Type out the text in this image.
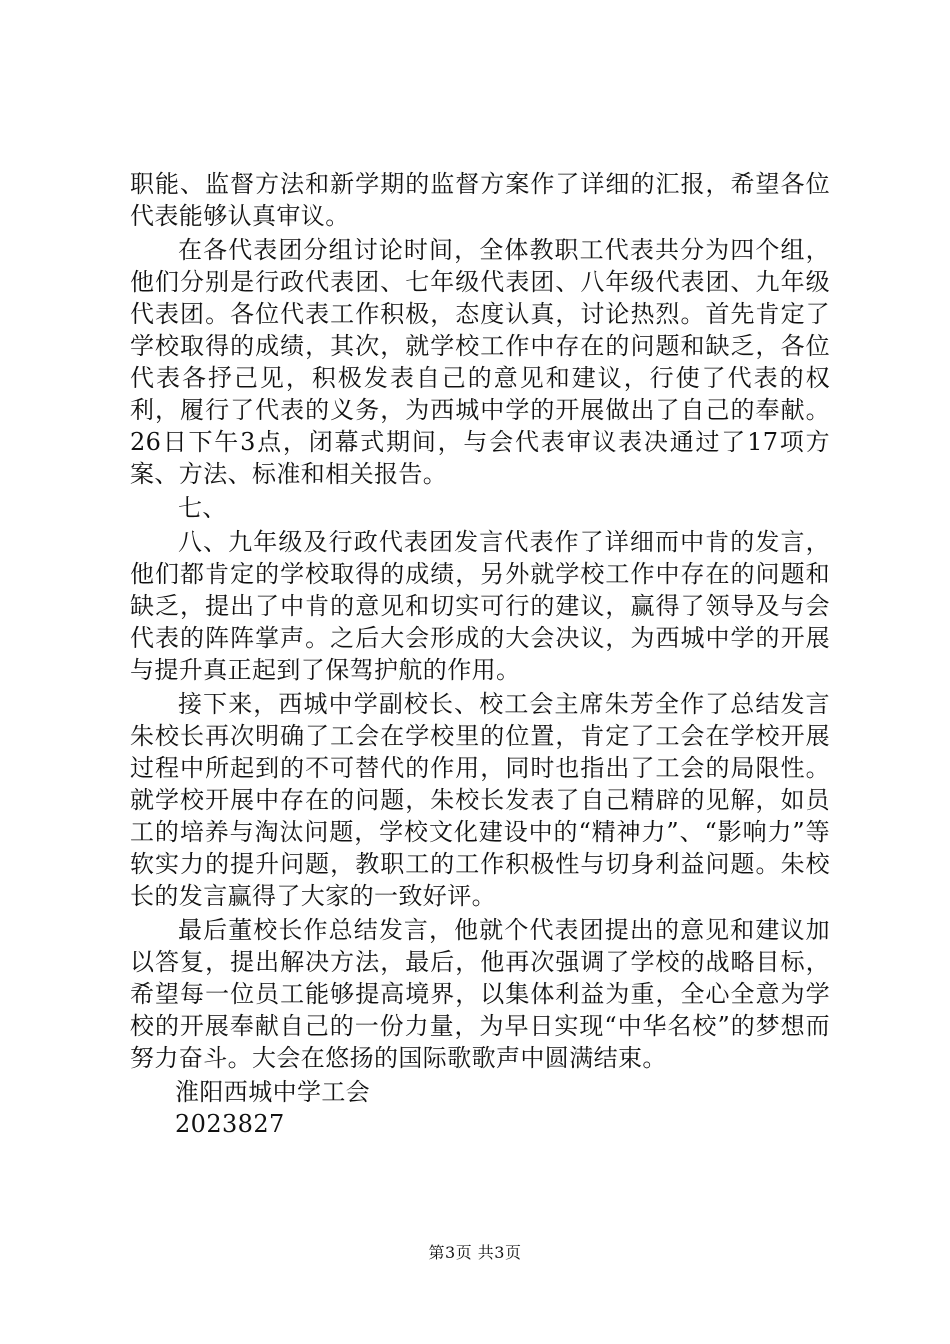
职能、监督方法和新学期的监督方案作了详细的汇报，希望各位代表能够认真审议。

在各代表团分组讨论时间，全体教职工代表共分为四个组，他们分别是行政代表团、七年级代表团、八年级代表团、九年级代表团。各位代表工作积极，态度认真，讨论热烈。首先肯定了学校取得的成绩，其次，就学校工作中存在的问题和缺乏，各位代表各抒己见，积极发表自己的意见和建议，行使了代表的权利，履行了代表的义务，为西城中学的开展做出了自己的奉献。26日下午3点，闭幕式期间，与会代表审议表决通过了17项方案、方法、标准和相关报告。

七、

八、九年级及行政代表团发言代表作了详细而中肯的发言，他们都肯定的学校取得的成绩，另外就学校工作中存在的问题和缺乏，提出了中肯的意见和切实可行的建议，赢得了领导及与会代表的阵阵掌声。之后大会形成的大会决议，为西城中学的开展与提升真正起到了保驾护航的作用。

接下来，西城中学副校长、校工会主席朱芳全作了总结发言朱校长再次明确了工会在学校里的位置，肯定了工会在学校开展过程中所起到的不可替代的作用，同时也指出了工会的局限性。就学校开展中存在的问题，朱校长发表了自己精辟的见解，如员工的培养与淘汰问题，学校文化建设中的“精神力”、“影响力”等软实力的提升问题，教职工的工作积极性与切身利益问题。朱校长的发言赢得了大家的一致好评。

最后董校长作总结发言，他就个代表团提出的意见和建议加以答复，提出解决方法，最后，他再次强调了学校的战略目标，希望每一位员工能够提高境界，以集体利益为重，全心全意为学校的开展奉献自己的一份力量，为早日实现“中华名校”的梦想而努力奋斗。大会在悠扬的国际歌歌声中圆满结束。

淮阳西城中学工会

2023827

第3页 共3页
